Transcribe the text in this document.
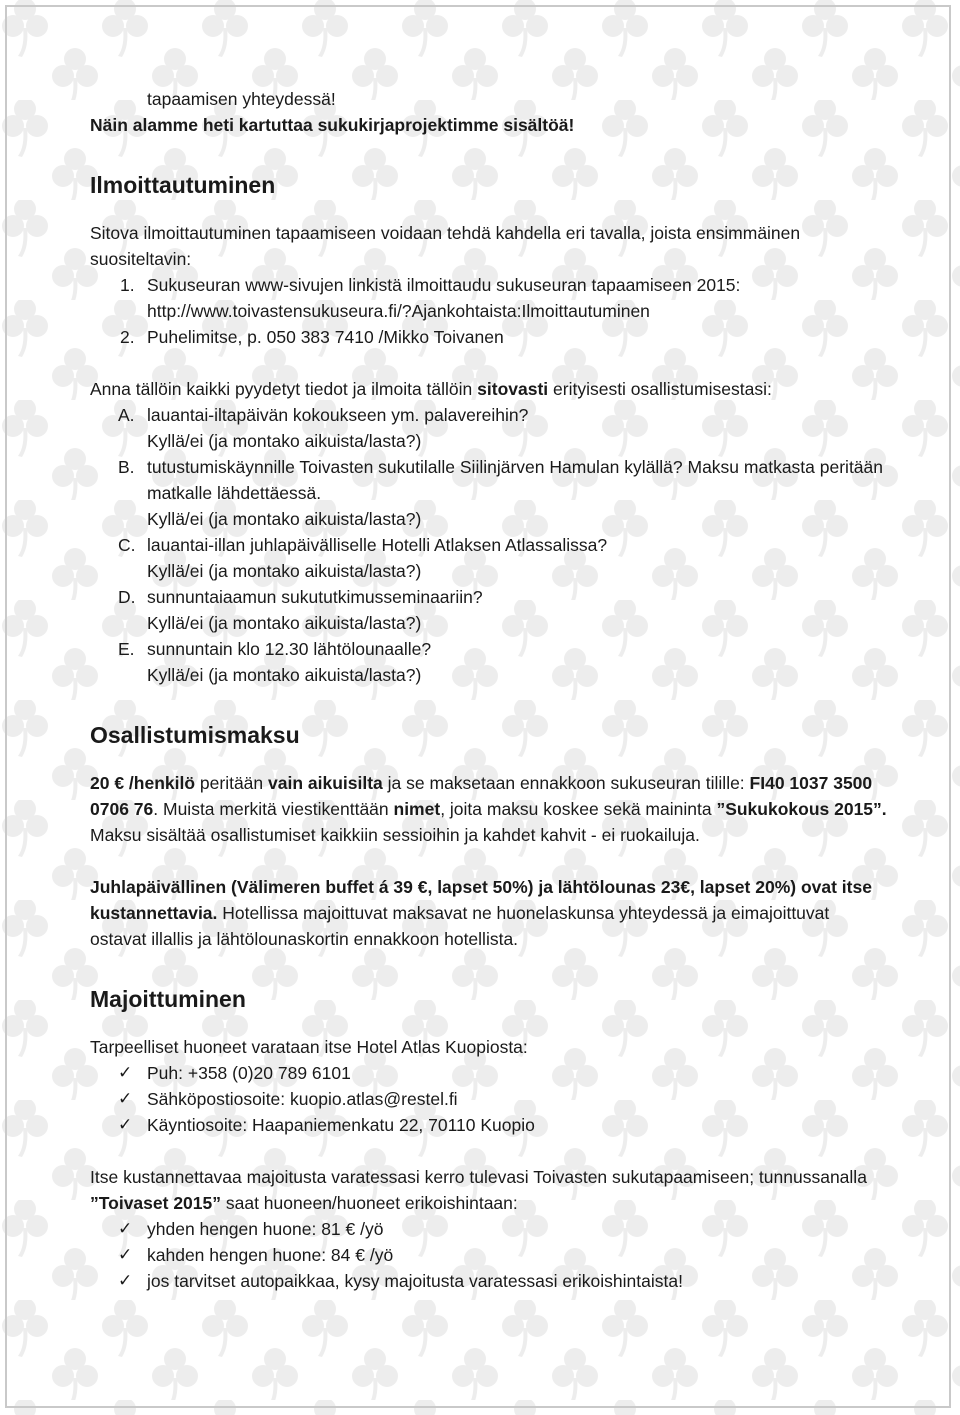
tapaamisen yhteydessä!

Näin alamme heti kartuttaa sukukirjaprojektimme sisältöä!

Ilmoittautuminen

Sitova ilmoittautuminen tapaamiseen voidaan tehdä kahdella eri tavalla, joista ensimmäinen suositeltavin:

1. Sukuseuran www-sivujen linkistä ilmoittaudu sukuseuran tapaamiseen 2015:
http://www.toivastensukuseura.fi/?Ajankohtaista:Ilmoittautuminen
2. Puhelimitse, p. 050 383 7410 /Mikko Toivanen

Anna tällöin kaikki pyydetyt tiedot ja ilmoita tällöin sitovasti erityisesti osallistumisestasi:

A. lauantai-iltapäivän kokoukseen ym. palavereihin?
Kyllä/ei (ja montako aikuista/lasta?)
B. tutustumiskäynnille Toivasten sukutilalle Siilinjärven Hamulan kylällä? Maksu matkasta peritään matkalle lähdettäessä.
Kyllä/ei (ja montako aikuista/lasta?)
C. lauantai-illan juhlapäivälliselle Hotelli Atlaksen Atlassalissa?
Kyllä/ei (ja montako aikuista/lasta?)
D. sunnuntaiaamun sukututkimusseminaariin?
Kyllä/ei (ja montako aikuista/lasta?)
E. sunnuntain klo 12.30 lähtölounaalle?
Kyllä/ei (ja montako aikuista/lasta?)
Osallistumismaksu

20 € /henkilö peritään vain aikuisilta ja se maksetaan ennakkoon sukuseuran tilille: FI40 1037 3500 0706 76. Muista merkitä viestikenttään nimet, joita maksu koskee sekä maininta ”Sukukokous 2015”. Maksu sisältää osallistumiset kaikkiin sessioihin ja kahdet kahvit - ei ruokailuja.

Juhlapäivällinen (Välimeren buffet á 39 €, lapset 50%) ja lähtölounas 23€, lapset 20%) ovat itse kustannettavia. Hotellissa majoittuvat maksavat ne huonelaskunsa yhteydessä ja eimajoittuvat ostavat illallis ja lähtölounaskortin ennakkoon hotellista.

Majoittuminen

Tarpeelliset huoneet varataan itse Hotel Atlas Kuopiosta:

✓ Puh: +358 (0)20 789 6101
✓ Sähköpostiosoite: kuopio.atlas@restel.fi
✓ Käyntiosoite: Haapaniemenkatu 22, 70110 Kuopio

Itse kustannettavaa majoitusta varatessasi kerro tulevasi Toivasten sukutapaamiseen; tunnussanalla ”Toivaset 2015” saat huoneen/huoneet erikoishintaan:

✓ yhden hengen huone: 81 € /yö
✓ kahden hengen huone: 84 € /yö
✓ jos tarvitset autopaikkaa, kysy majoitusta varatessasi erikoishintaista!
